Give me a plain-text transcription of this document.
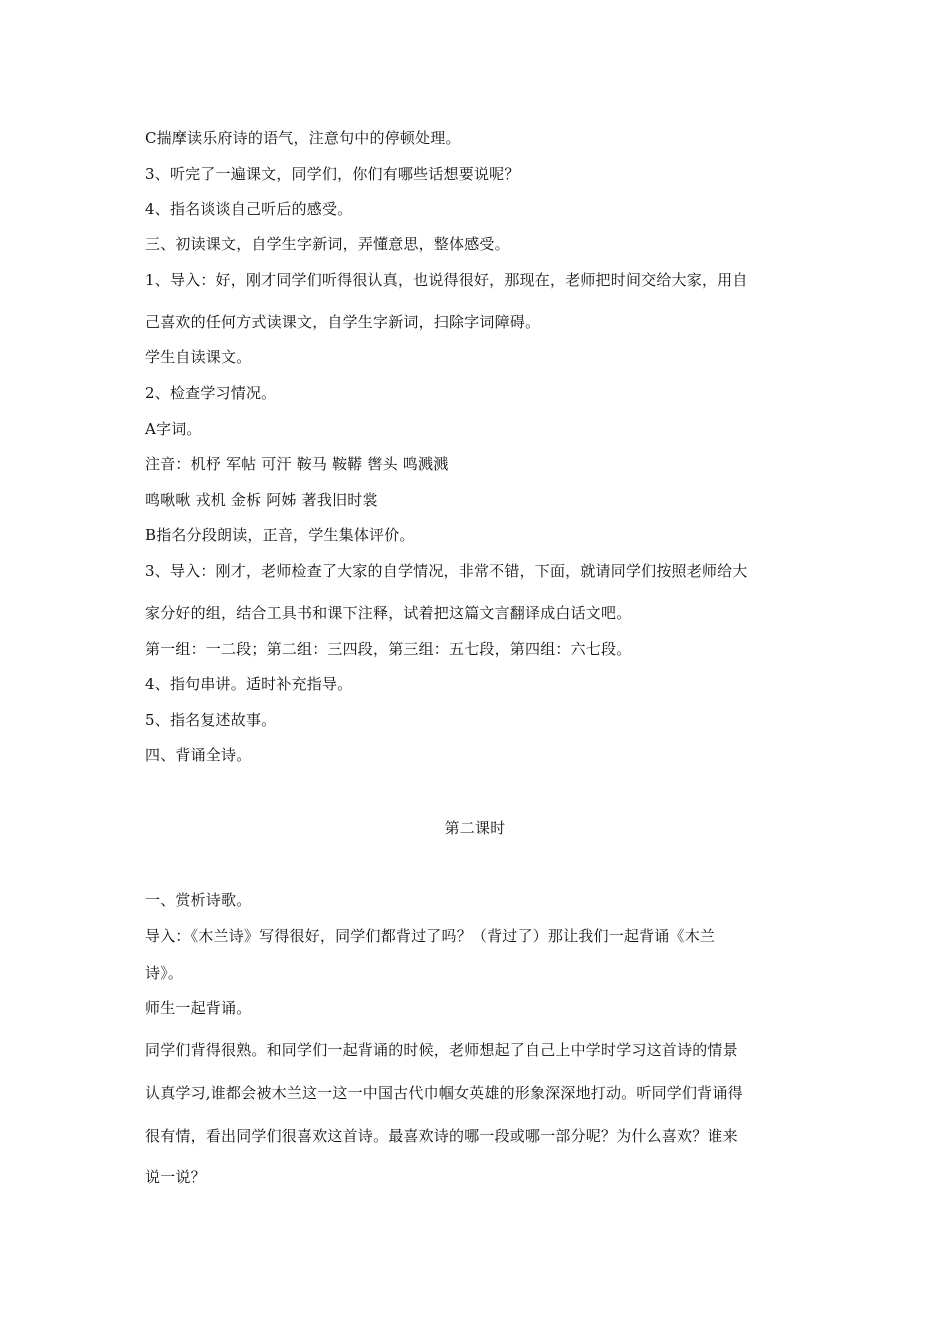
C揣摩读乐府诗的语气，注意句中的停顿处理。
3、听完了一遍课文，同学们，你们有哪些话想要说呢？
4、指名谈谈自己听后的感受。
三、初读课文，自学生字新词，弄懂意思，整体感受。
1、导入：好，刚才同学们听得很认真，也说得很好，那现在，老师把时间交给大家，用自
己喜欢的任何方式读课文，自学生字新词，扫除字词障碍。
学生自读课文。
2、检查学习情况。
A字词。
注音：机杼 军帖 可汗 鞍马 鞍鞯 辔头 鸣溅溅
鸣啾啾 戎机 金柝 阿姊 著我旧时裳
B指名分段朗读，正音，学生集体评价。
3、导入：刚才，老师检查了大家的自学情况，非常不错，下面，就请同学们按照老师给大
家分好的组，结合工具书和课下注释，试着把这篇文言翻译成白话文吧。
第一组：一二段；第二组：三四段，第三组：五七段，第四组：六七段。
4、指句串讲。适时补充指导。
5、指名复述故事。
四、背诵全诗。
第二课时
一、赏析诗歌。
导入：《木兰诗》写得很好，同学们都背过了吗？（背过了）那让我们一起背诵《木兰
诗》。
师生一起背诵。
同学们背得很熟。和同学们一起背诵的时候，老师想起了自己上中学时学习这首诗的情景
认真学习,谁都会被木兰这一这一中国古代巾帼女英雄的形象深深地打动。听同学们背诵得
很有情，看出同学们很喜欢这首诗。最喜欢诗的哪一段或哪一部分呢？为什么喜欢？谁来
说一说？
